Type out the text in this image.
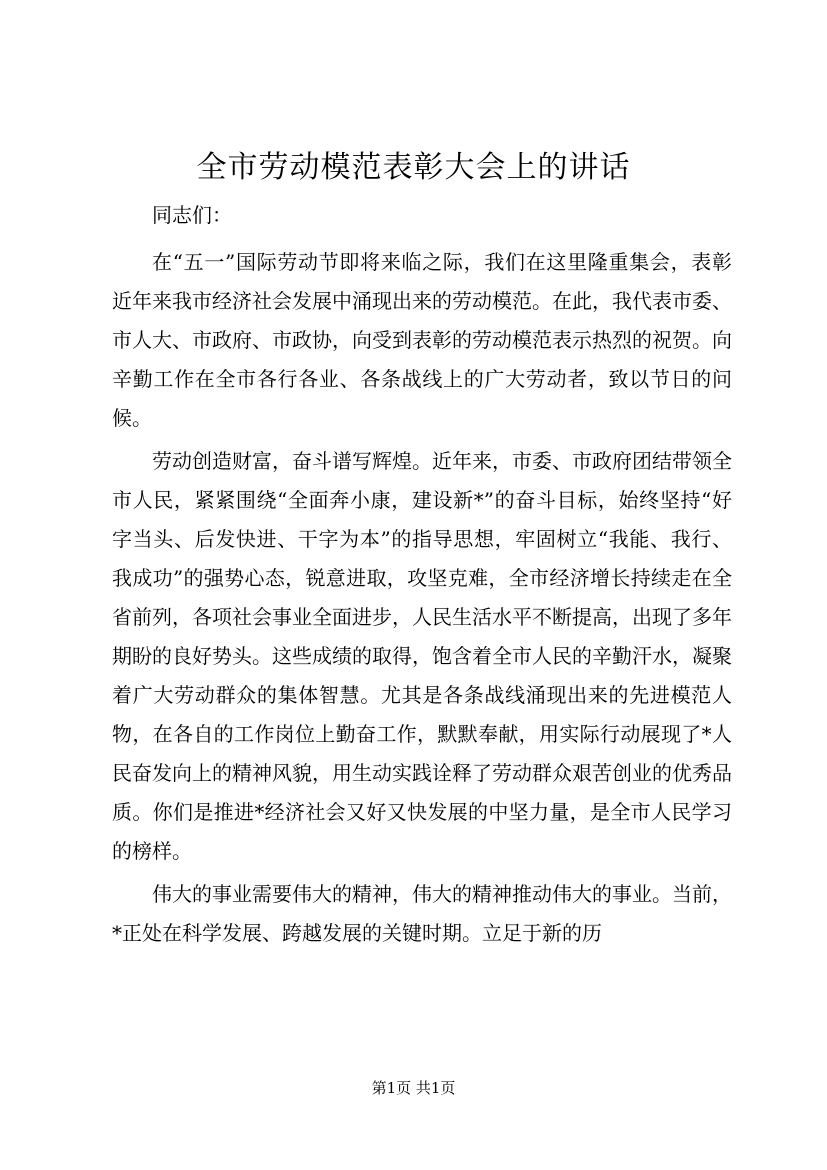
全市劳动模范表彰大会上的讲话

同志们：

在“五一”国际劳动节即将来临之际，我们在这里隆重集会，表彰近年来我市经济社会发展中涌现出来的劳动模范。在此，我代表市委、市人大、市政府、市政协，向受到表彰的劳动模范表示热烈的祝贺。向辛勤工作在全市各行各业、各条战线上的广大劳动者，致以节日的问候。

劳动创造财富，奋斗谱写辉煌。近年来，市委、市政府团结带领全市人民，紧紧围绕“全面奔小康，建设新*”的奋斗目标，始终坚持“好字当头、后发快进、干字为本”的指导思想，牢固树立“我能、我行、我成功”的强势心态，锐意进取，攻坚克难，全市经济增长持续走在全省前列，各项社会事业全面进步，人民生活水平不断提高，出现了多年期盼的良好势头。这些成绩的取得，饱含着全市人民的辛勤汗水，凝聚着广大劳动群众的集体智慧。尤其是各条战线涌现出来的先进模范人物，在各自的工作岗位上勤奋工作，默默奉献，用实际行动展现了*人民奋发向上的精神风貌，用生动实践诠释了劳动群众艰苦创业的优秀品质。你们是推进*经济社会又好又快发展的中坚力量，是全市人民学习的榜样。

伟大的事业需要伟大的精神，伟大的精神推动伟大的事业。当前，*正处在科学发展、跨越发展的关键时期。立足于新的历

第1页 共1页
